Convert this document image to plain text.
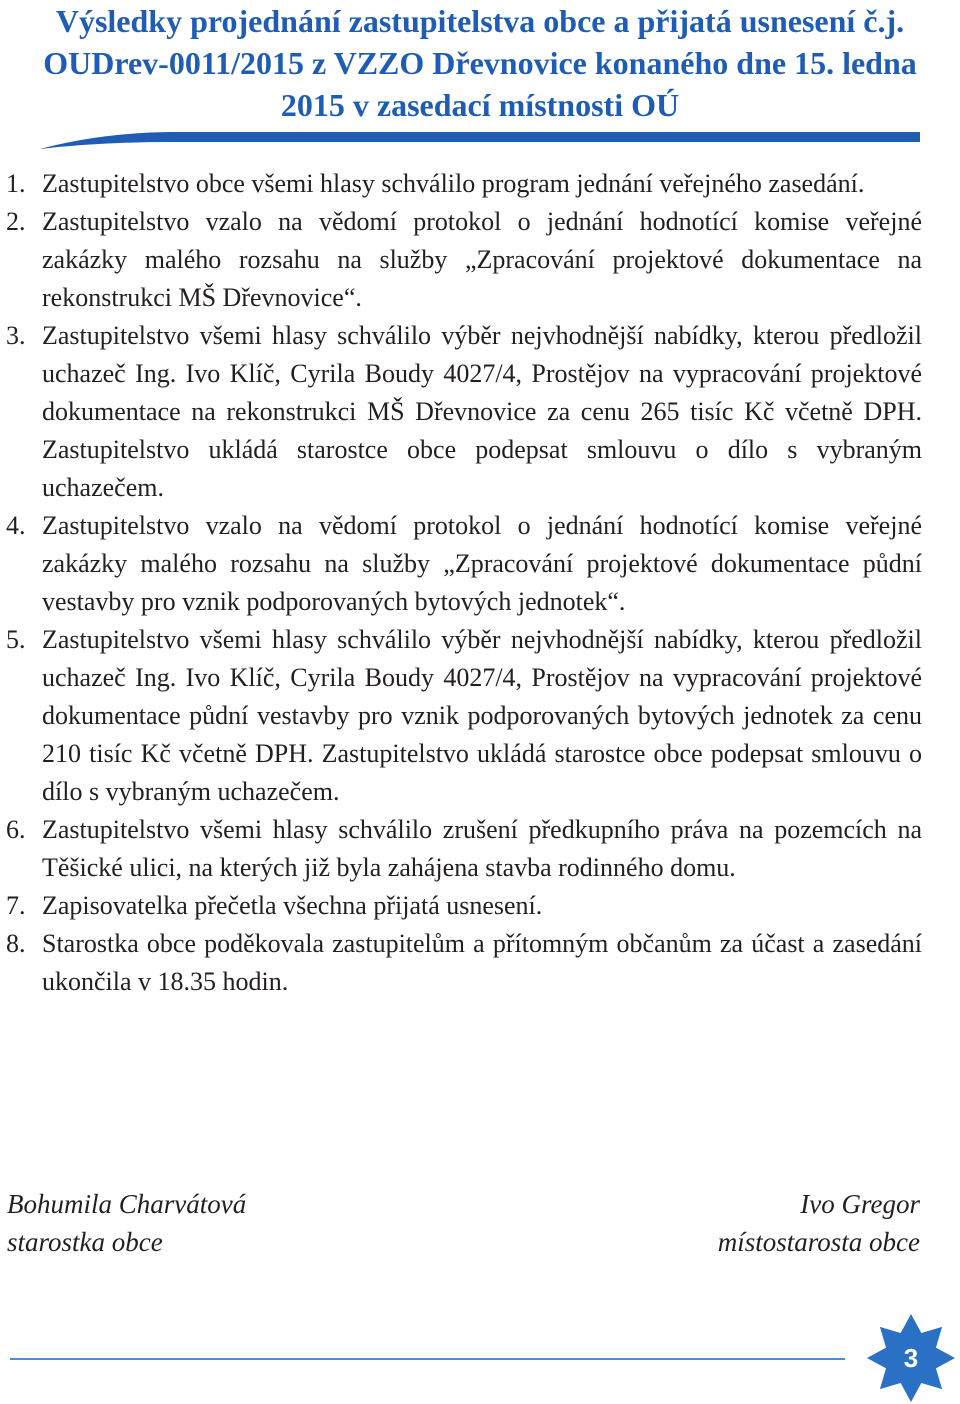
Výsledky projednání zastupitelstva obce a přijatá usnesení č.j. OUDrev-0011/2015 z VZZO Dřevnovice konaného dne 15. ledna 2015 v zasedací místnosti OÚ
1. Zastupitelstvo obce všemi hlasy schválilo program jednání veřejného zasedání.
2. Zastupitelstvo vzalo na vědomí protokol o jednání hodnotící komise veřejné zakázky malého rozsahu na služby „Zpracování projektové dokumentace na rekonstrukci MŠ Dřevnovice“.
3. Zastupitelstvo všemi hlasy schválilo výběr nejvhodnější nabídky, kterou předložil uchazeč Ing. Ivo Klíč, Cyrila Boudy 4027/4, Prostějov na vypracování projektové dokumentace na rekonstrukci MŠ Dřevnovice za cenu 265 tisíc Kč včetně DPH. Zastupitelstvo ukládá starostce obce podepsat smlouvu o dílo s vybraným uchazečem.
4. Zastupitelstvo vzalo na vědomí protokol o jednání hodnotící komise veřejné zakázky malého rozsahu na služby „Zpracování projektové dokumentace půdní vestavby pro vznik podporovaných bytových jednotek“.
5. Zastupitelstvo všemi hlasy schválilo výběr nejvhodnější nabídky, kterou předložil uchazeč Ing. Ivo Klíč, Cyrila Boudy 4027/4, Prostějov na vypracování projektové dokumentace půdní vestavby pro vznik podporovaných bytových jednotek za cenu 210 tisíc Kč včetně DPH. Zastupitelstvo ukládá starostce obce podepsat smlouvu o dílo s vybraným uchazečem.
6. Zastupitelstvo všemi hlasy schválilo zrušení předkupního práva na pozemcích na Těšické ulici, na kterých již byla zahájena stavba rodinného domu.
7. Zapisovatelka přečetla všechna přijatá usnesení.
8. Starostka obce poděkovala zastupitelům a přítomným občanům za účast a zasedání ukončila v 18.35 hodin.
Bohumila Charvátová
starostka obce
Ivo Gregor
místostarosta obce
3
